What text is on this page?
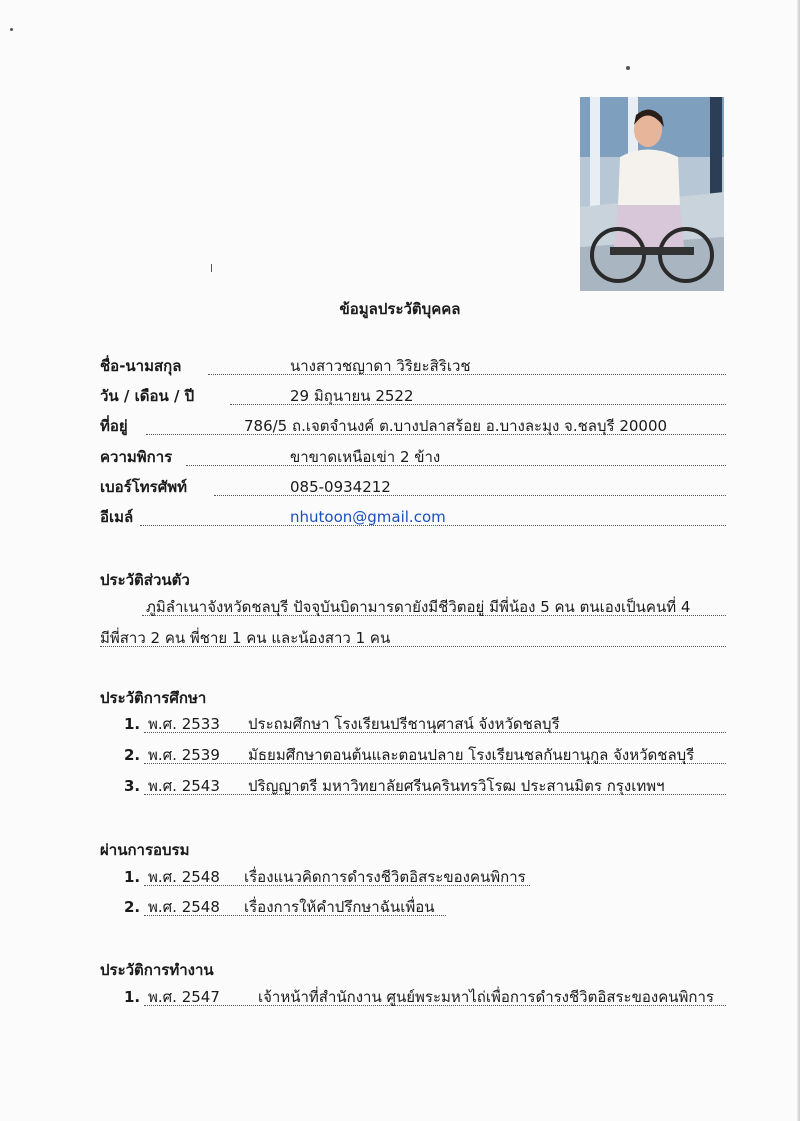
ข้อมูลประวัติบุคคล
ชื่อ-นามสกุล	นางสาวชญาดา วิริยะสิริเวช
วัน / เดือน / ปี	29 มิถุนายน 2522
ที่อยู่	786/5 ถ.เจตจำนงค์ ต.บางปลาสร้อย อ.บางละมุง จ.ชลบุรี 20000
ความพิการ	ขาขาดเหนือเข่า 2 ข้าง
เบอร์โทรศัพท์	085-0934212
อีเมล์	nhutoon@gmail.com
ประวัติส่วนตัว
ภูมิลำเนาจังหวัดชลบุรี ปัจจุบันบิดามารดายังมีชีวิตอยู่ มีพี่น้อง 5 คน ตนเองเป็นคนที่ 4
มีพี่สาว 2 คน พี่ชาย 1 คน และน้องสาว 1 คน
ประวัติการศึกษา
1. พ.ศ. 2533 ประถมศึกษา โรงเรียนปรีชานุศาสน์ จังหวัดชลบุรี
2. พ.ศ. 2539 มัธยมศึกษาตอนต้นและตอนปลาย โรงเรียนชลกันยานุกูล จังหวัดชลบุรี
3. พ.ศ. 2543 ปริญญาตรี มหาวิทยาลัยศรีนครินทรวิโรฒ ประสานมิตร กรุงเทพฯ
ผ่านการอบรม
1. พ.ศ. 2548 เรื่องแนวคิดการดำรงชีวิตอิสระของคนพิการ
2. พ.ศ. 2548 เรื่องการให้คำปรึกษาฉันเพื่อน
ประวัติการทำงาน
1. พ.ศ. 2547	เจ้าหน้าที่สำนักงาน ศูนย์พระมหาไถ่เพื่อการดำรงชีวิตอิสระของคนพิการ
